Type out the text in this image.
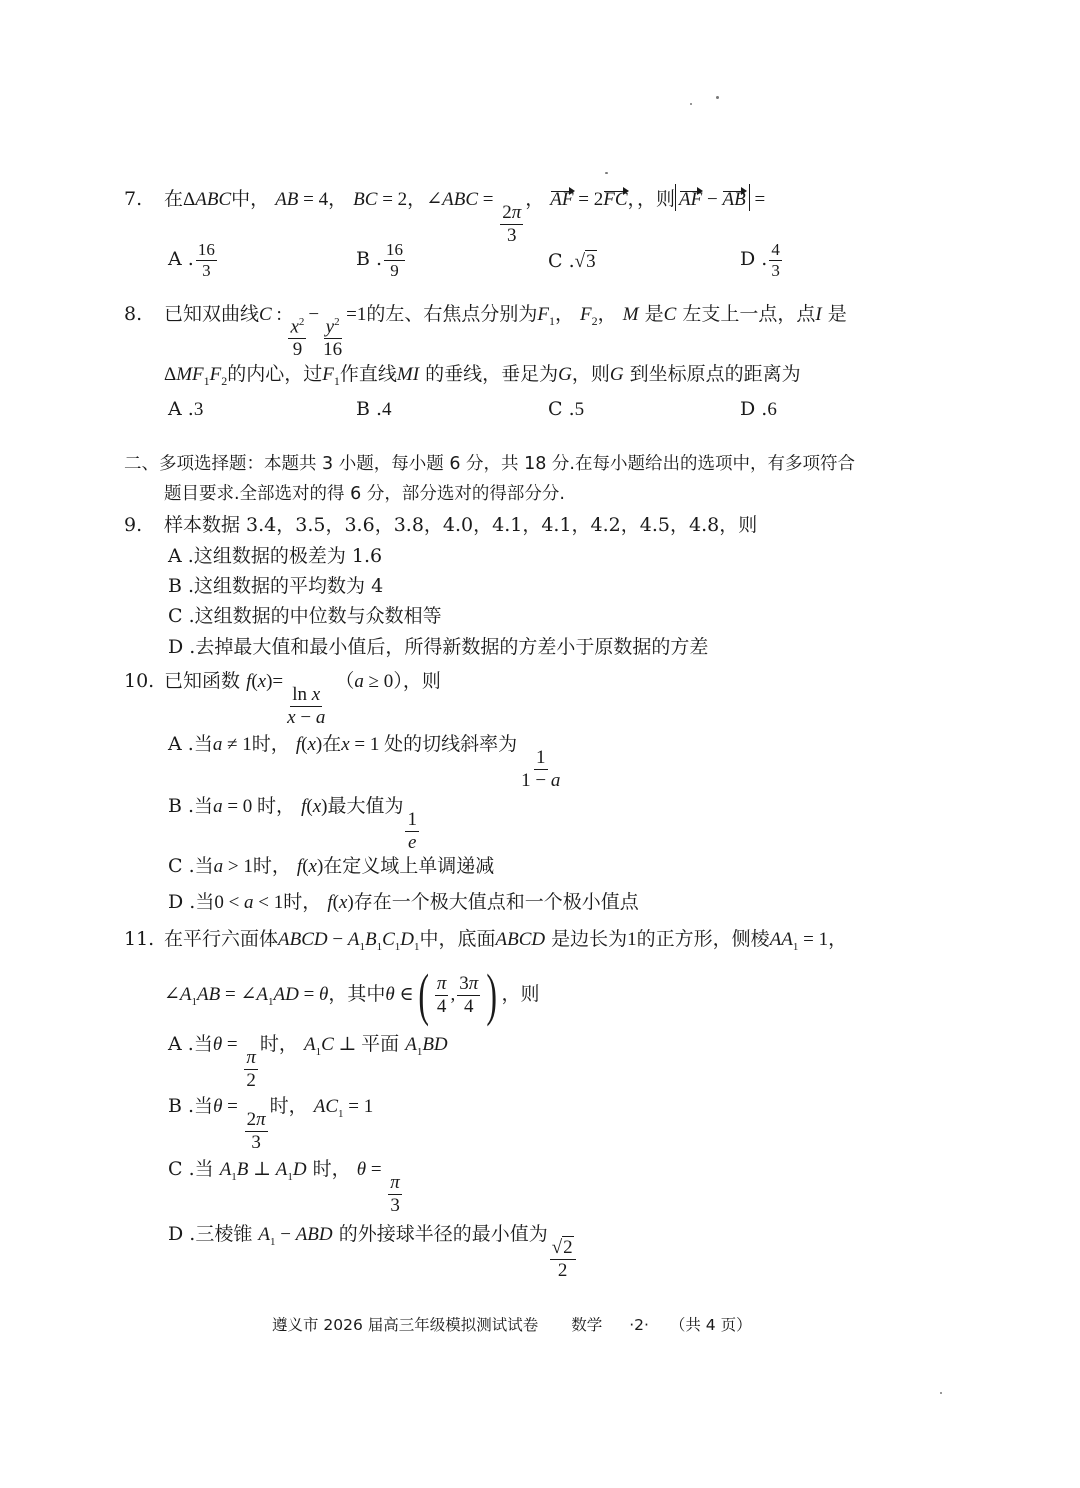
7. 在ΔABC中， AB = 4， BC = 2，∠ABC =
$\frac{2\pi}{3}$
， AF = 2FC，，则 AF − AB =
A . $\frac{16}{3}$	B . $\frac{16}{9}$	C .√3	D . $\frac{4}{3}$
8. 已知双曲线C :
$\frac{x^2}{9}$
−
$\frac{y^2}{16}$
=1的左、右焦点分别为$F_1$， $F_2$， M 是C 左支上一点，点I 是
$\Delta MF_1F_2$的内心，过$F_1$作直线MI 的垂线，垂足为G，则G 到坐标原点的距离为
A .3	B .4	C .5	D .6
二、多项选择题：本题共 3 小题，每小题 6 分，共 18 分.在每小题给出的选项中，有多项符合
题目要求.全部选对的得 6 分，部分选对的得部分分.
9. 样本数据 3.4，3.5，3.6，3.8，4.0，4.1，4.1，4.2，4.5，4.8，则
A .这组数据的极差为 1.6
B .这组数据的平均数为 4
C .这组数据的中位数与众数相等
D .去掉最大值和最小值后，所得新数据的方差小于原数据的方差
10. 已知函数 f(x)=
$\frac{\text{ln x}}{x - a}$
（a ≥ 0），则
A .当a ≠ 1时， f(x)在x = 1 处的切线斜率为
$\frac{1}{1 - a}$
B .当a = 0 时， f(x)最大值为
$\frac{1}{e}$
C .当a > 1时， f(x)在定义域上单调递减
D .当0 < a < 1时， f(x)存在一个极大值点和一个极小值点
11. 在平行六面体ABCD − $A_1B_1C_1D_1$中，底面ABCD 是边长为1的正方形，侧棱$AA_1 = 1$，
$\angle A_1AB$ = $\angle A_1AD = \theta$，其中θ ∈( $\frac{\pi}{4}$ , $\frac{3\pi}{4}$ ) ，则
A .当θ =
$\frac{\pi}{2}$
时， $A_1C$ ⊥ 平面 $A_1BD$
B .当θ =
$\frac{2\pi}{3}$
时， $AC_1 = 1$
C .当 $A_1B$ ⊥ $A_1D$ 时， θ =
$\frac{\pi}{3}$
D .三棱锥 $A_1$ − ABD 的外接球半径的最小值为
$\frac{√2}{2}$
遵义市 2026 届高三年级模拟测试试卷 数学 ·2· （共 4 页）
